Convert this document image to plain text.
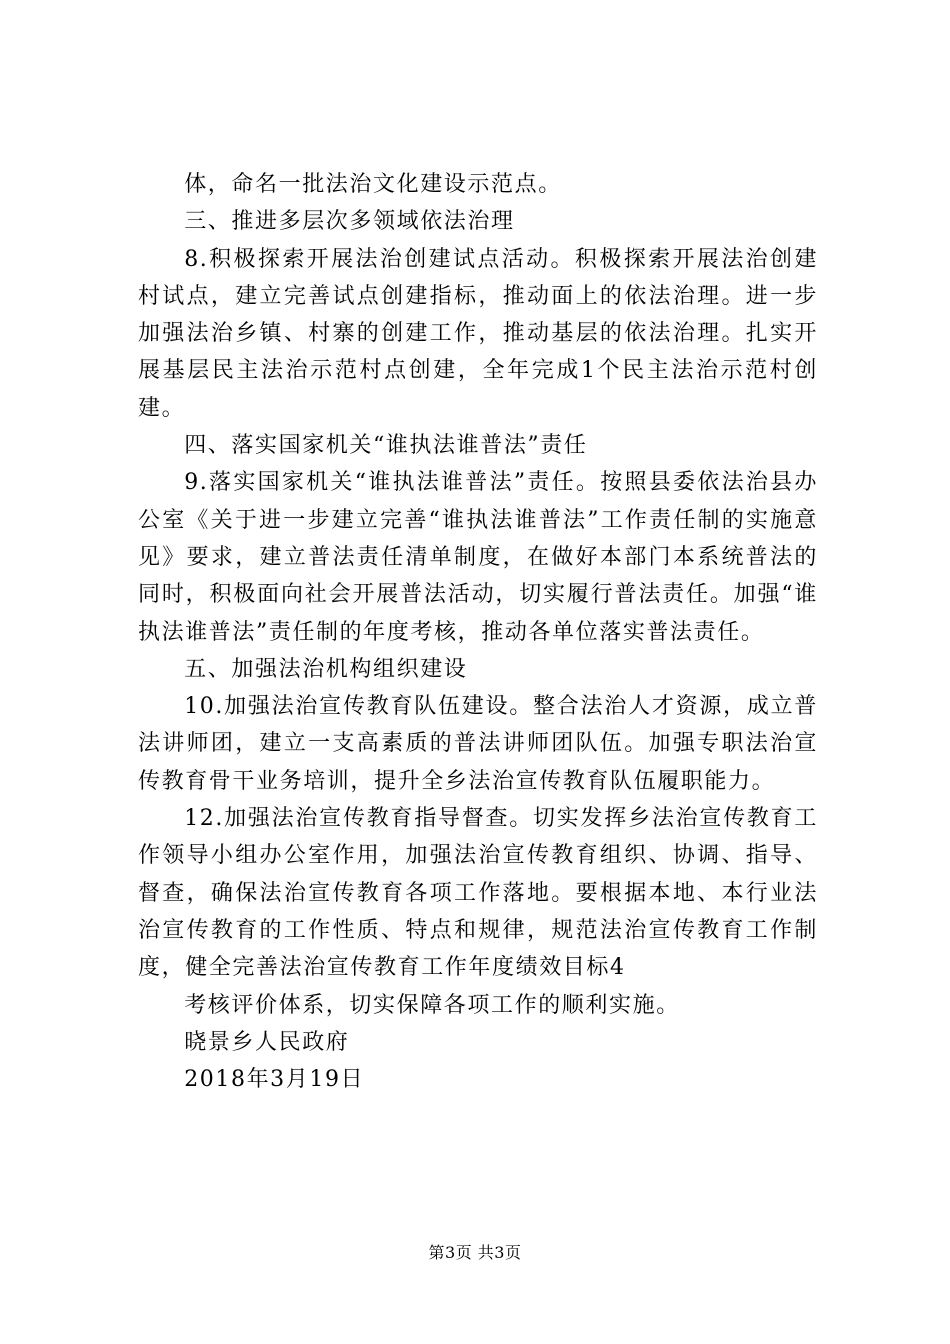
体，命名一批法治文化建设示范点。

三、推进多层次多领域依法治理

8.积极探索开展法治创建试点活动。积极探索开展法治创建村试点，建立完善试点创建指标，推动面上的依法治理。进一步加强法治乡镇、村寨的创建工作，推动基层的依法治理。扎实开展基层民主法治示范村点创建，全年完成1个民主法治示范村创建。

四、落实国家机关“谁执法谁普法”责任

9.落实国家机关“谁执法谁普法”责任。按照县委依法治县办公室《关于进一步建立完善“谁执法谁普法”工作责任制的实施意见》要求，建立普法责任清单制度，在做好本部门本系统普法的同时，积极面向社会开展普法活动，切实履行普法责任。加强“谁执法谁普法”责任制的年度考核，推动各单位落实普法责任。

五、加强法治机构组织建设

10.加强法治宣传教育队伍建设。整合法治人才资源，成立普法讲师团，建立一支高素质的普法讲师团队伍。加强专职法治宣传教育骨干业务培训，提升全乡法治宣传教育队伍履职能力。

12.加强法治宣传教育指导督查。切实发挥乡法治宣传教育工作领导小组办公室作用，加强法治宣传教育组织、协调、指导、督查，确保法治宣传教育各项工作落地。要根据本地、本行业法治宣传教育的工作性质、特点和规律，规范法治宣传教育工作制度，健全完善法治宣传教育工作年度绩效目标4

考核评价体系，切实保障各项工作的顺利实施。

晓景乡人民政府

2018年3月19日

第3页 共3页
